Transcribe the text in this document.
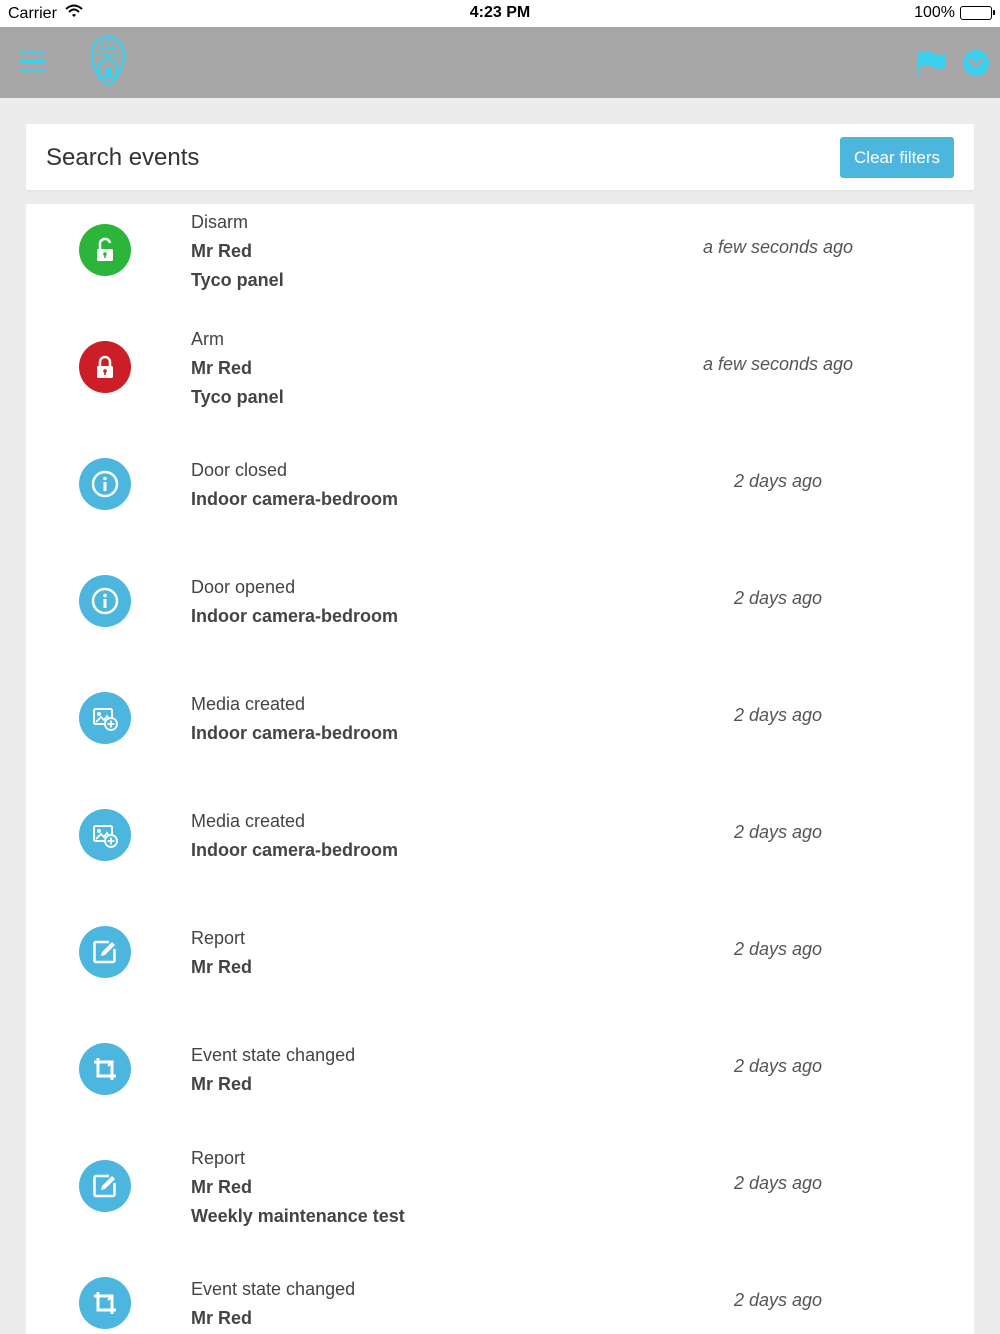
Carrier	4:23 PM	100%
Search events	Clear filters
Disarm
Mr Red
Tyco panel
a few seconds ago
Arm
Mr Red
Tyco panel
a few seconds ago
Door closed
Indoor camera-bedroom
2 days ago
Door opened
Indoor camera-bedroom
2 days ago
Media created
Indoor camera-bedroom
2 days ago
Media created
Indoor camera-bedroom
2 days ago
Report
Mr Red
2 days ago
Event state changed
Mr Red
2 days ago
Report
Mr Red
Weekly maintenance test
2 days ago
Event state changed
Mr Red
2 days ago
